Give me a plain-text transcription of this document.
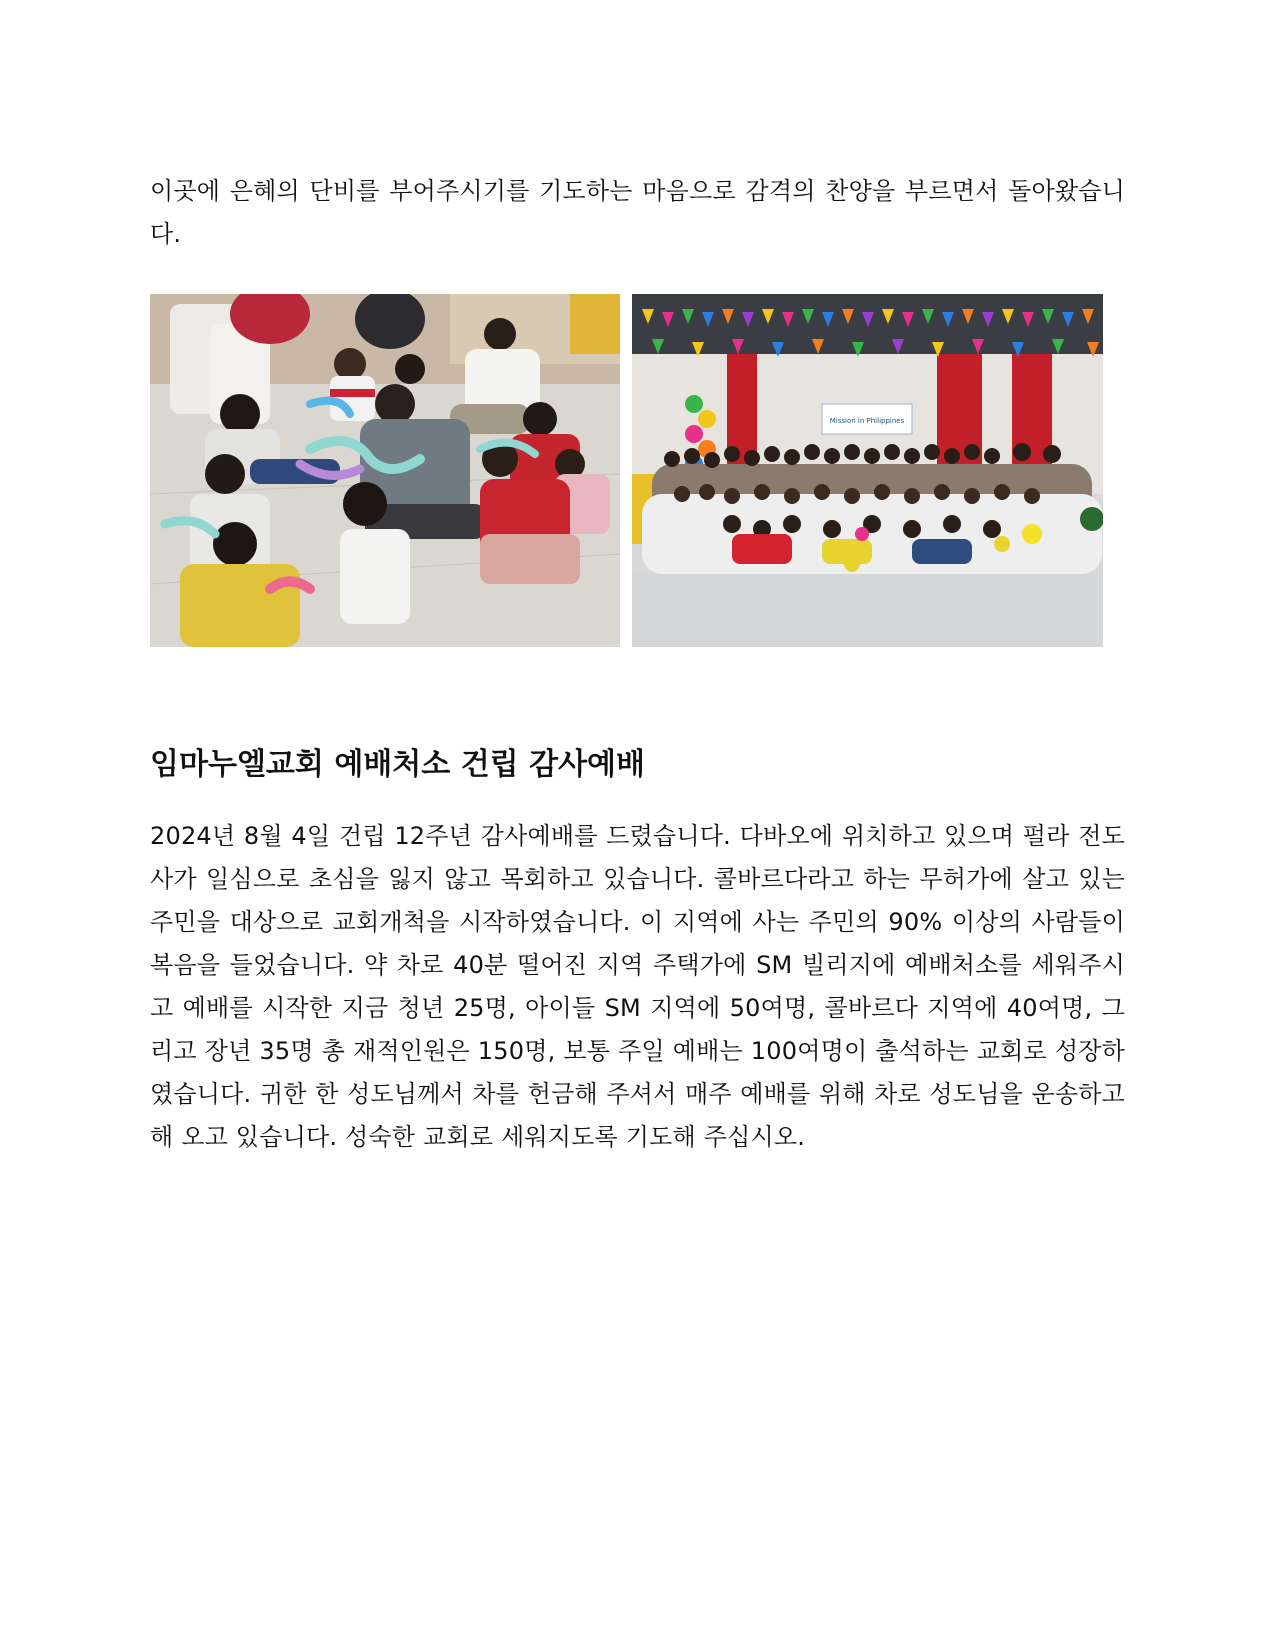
이곳에 은혜의 단비를 부어주시기를 기도하는 마음으로 감격의 찬양을 부르면서 돌아왔습니다.

Mission in Philippines
임마누엘교회 예배처소 건립 감사예배

2024년 8월 4일 건립 12주년 감사예배를 드렸습니다. 다바오에 위치하고 있으며 펄라 전도사가 일심으로 초심을 잃지 않고 목회하고 있습니다. 콜바르다라고 하는 무허가에 살고 있는 주민을 대상으로 교회개척을 시작하였습니다. 이 지역에 사는 주민의 90% 이상의 사람들이 복음을 들었습니다. 약 차로 40분 떨어진 지역 주택가에 SM 빌리지에 예배처소를 세워주시고 예배를 시작한 지금 청년 25명, 아이들 SM 지역에 50여명, 콜바르다 지역에 40여명, 그리고 장년 35명 총 재적인원은 150명, 보통 주일 예배는 100여명이 출석하는 교회로 성장하였습니다. 귀한 한 성도님께서 차를 헌금해 주셔서 매주 예배를 위해 차로 성도님을 운송하고 해 오고 있습니다. 성숙한 교회로 세워지도록 기도해 주십시오.
